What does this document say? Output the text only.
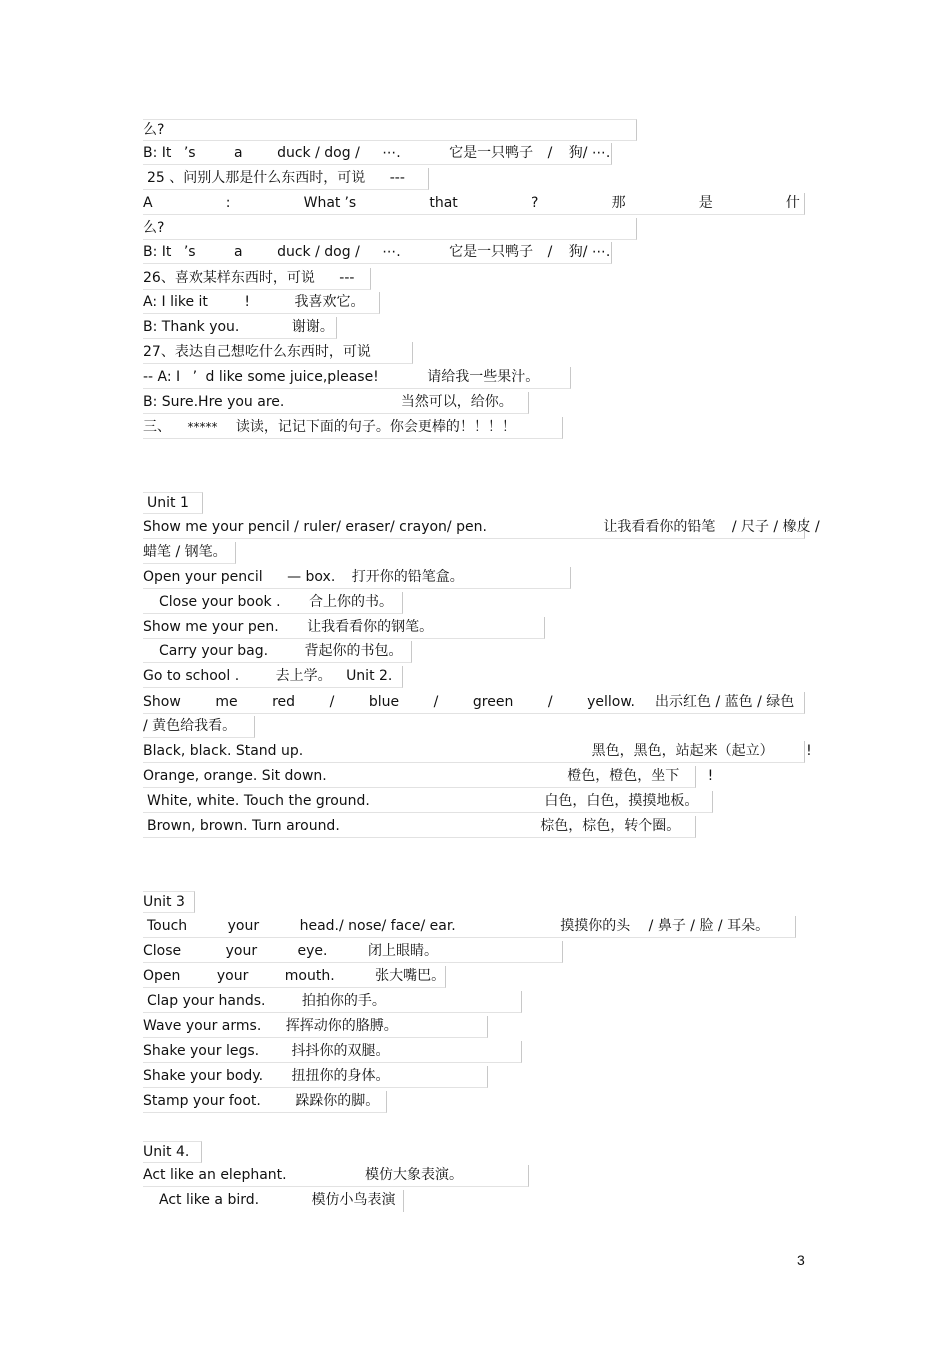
么?
B: It ’s	a duck / dog / ⋯.	它是一只鸭子 / 狗/ ⋯.
25 、问别人那是什么东西时，可说 ---
A	:	What ’s	that	?	那	是	什
么?
B: It ’s	a duck / dog / ⋯.	它是一只鸭子 / 狗/ ⋯.
26、喜欢某样东西时，可说 ---
A: I like it	!	我喜欢它。
B: Thank you.	谢谢。
27、表达自己想吃什么东西时，可说
-- A: I ’ d like some juice,please!	请给我一些果汁。
B: Sure.Hre you are.	当然可以，给你。
三、 ***** 读读，记记下面的句子。你会更棒的！！！！
Unit 1
Show me your pencil / ruler/ eraser/ crayon/ pen.	让我看看你的铅笔 / 尺子 / 橡皮 /
蜡笔 / 钢笔。
Open your pencil — box. 打开你的铅笔盒。
Close your book . 合上你的书。
Show me your pen. 让我看看你的钢笔。
Carry your bag.	背起你的书包。
Go to school .	去上学。 Unit 2.
Show me red / blue / green / yellow. 出示红色 / 蓝色 / 绿色
/ 黄色给我看。
Black, black. Stand up.	黑色，黑色，站起来（起立） !
Orange, orange. Sit down.	橙色，橙色，坐下 !
White, white. Touch the ground.	白色，白色，摸摸地板。
Brown, brown. Turn around.	棕色，棕色，转个圈。
Unit 3
Touch	your	head./ nose/ face/ ear.	摸摸你的头 / 鼻子 / 脸 / 耳朵。
Close	your	eye.	闭上眼睛。
Open	your	mouth.	张大嘴巴。
Clap your hands.	拍拍你的手。
Wave your arms. 挥挥动你的胳膊。
Shake your legs. 抖抖你的双腿。
Shake your body. 扭扭你的身体。
Stamp your foot. 跺跺你的脚。
Unit 4.
Act like an elephant.	模仿大象表演。
Act like a bird.	模仿小鸟表演
3
